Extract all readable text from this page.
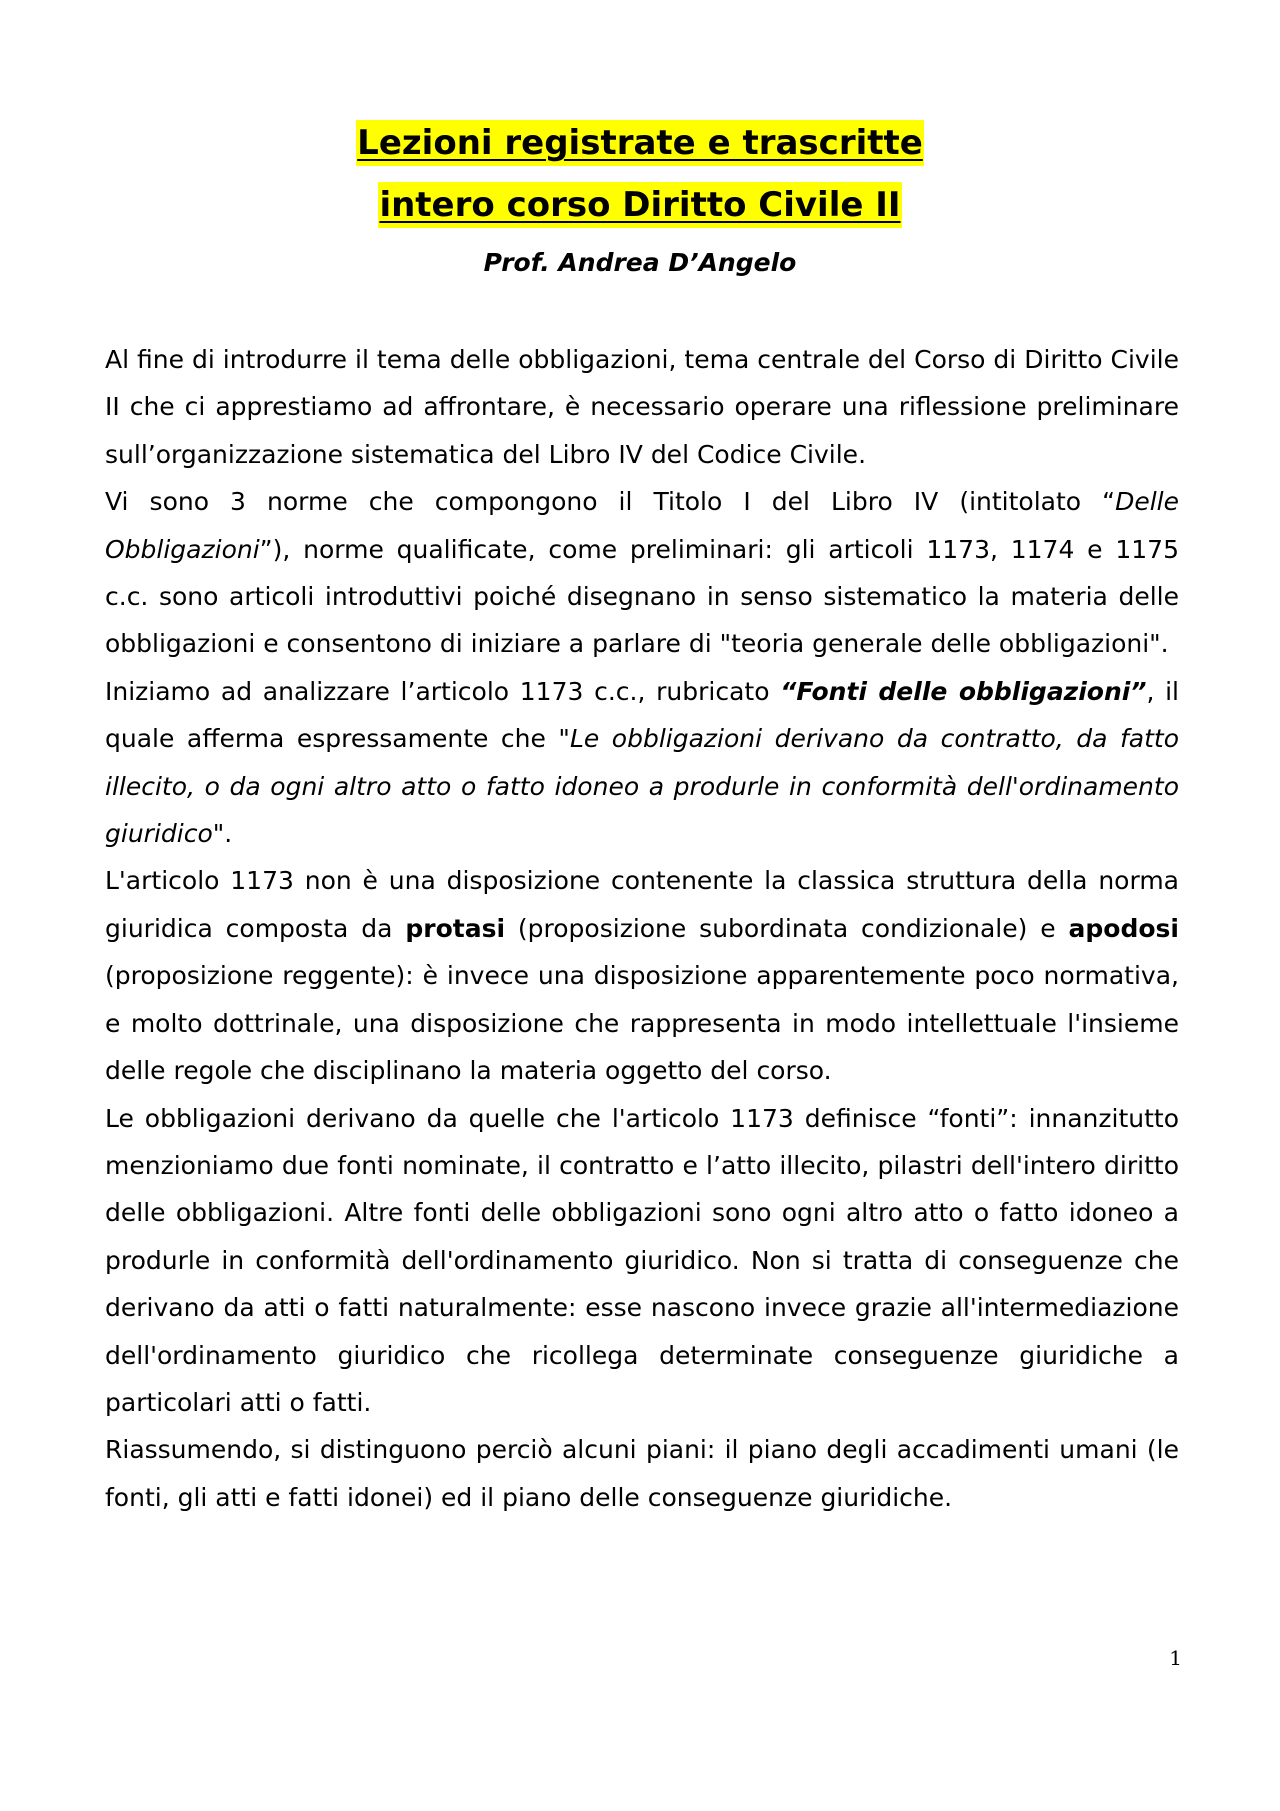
Lezioni registrate e trascritte
intero corso Diritto Civile II
Prof. Andrea D’Angelo

Al fine di introdurre il tema delle obbligazioni, tema centrale del Corso di Diritto Civile II che ci apprestiamo ad affrontare, è necessario operare una riflessione preliminare sull’organizzazione sistematica del Libro IV del Codice Civile.

Vi sono 3 norme che compongono il Titolo I del Libro IV (intitolato “Delle Obbligazioni”), norme qualificate, come preliminari: gli articoli 1173, 1174 e 1175 c.c. sono articoli introduttivi poiché disegnano in senso sistematico la materia delle obbligazioni e consentono di iniziare a parlare di "teoria generale delle obbligazioni".

Iniziamo ad analizzare l’articolo 1173 c.c., rubricato “Fonti delle obbligazioni”, il quale afferma espressamente che "Le obbligazioni derivano da contratto, da fatto illecito, o da ogni altro atto o fatto idoneo a produrle in conformità dell'ordinamento giuridico".

L'articolo 1173 non è una disposizione contenente la classica struttura della norma giuridica composta da protasi (proposizione subordinata condizionale) e apodosi (proposizione reggente): è invece una disposizione apparentemente poco normativa, e molto dottrinale, una disposizione che rappresenta in modo intellettuale l'insieme delle regole che disciplinano la materia oggetto del corso.

Le obbligazioni derivano da quelle che l'articolo 1173 definisce “fonti”: innanzitutto menzioniamo due fonti nominate, il contratto e l’atto illecito, pilastri dell'intero diritto delle obbligazioni. Altre fonti delle obbligazioni sono ogni altro atto o fatto idoneo a produrle in conformità dell'ordinamento giuridico. Non si tratta di conseguenze che derivano da atti o fatti naturalmente: esse nascono invece grazie all'intermediazione dell'ordinamento giuridico che ricollega determinate conseguenze giuridiche a particolari atti o fatti.

Riassumendo, si distinguono perciò alcuni piani: il piano degli accadimenti umani (le fonti, gli atti e fatti idonei) ed il piano delle conseguenze giuridiche.

1
